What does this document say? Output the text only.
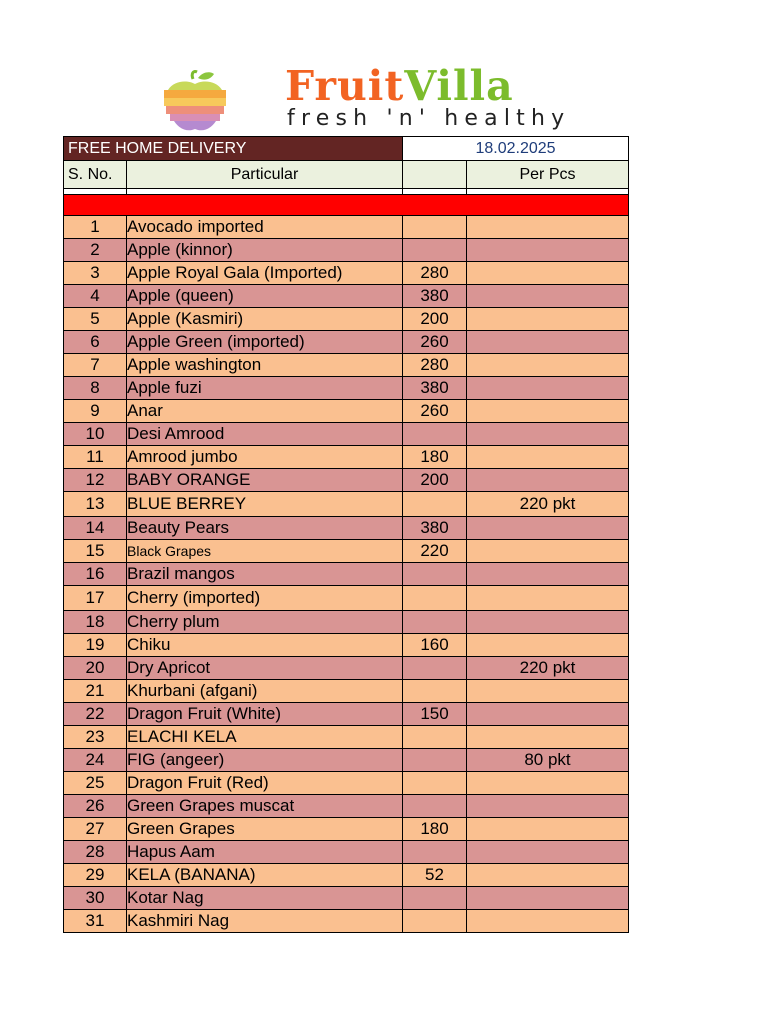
FruitVilla
fresh 'n' healthy
FREE HOME DELIVERY		18.02.2025	
S. No.	Particular		Per Pcs

1	Avocado imported		
2	Apple (kinnor)		
3	Apple Royal Gala (Imported)	280	
4	Apple (queen)	380	
5	Apple (Kasmiri)	200	
6	Apple Green (imported)	260	
7	Apple washington	280	
8	Apple fuzi	380	
9	Anar	260	
10	Desi Amrood		
11	Amrood jumbo	180	
12	BABY ORANGE	200	
13	BLUE BERREY		220 pkt
14	Beauty Pears	380	
15	Black Grapes	220	
16	Brazil mangos		
17	Cherry (imported)		
18	Cherry plum		
19	Chiku	160	
20	Dry Apricot		220 pkt
21	Khurbani (afgani)		
22	Dragon Fruit (White)	150	
23	ELACHI KELA		
24	FIG (angeer)		80 pkt
25	Dragon Fruit (Red)		
26	Green Grapes muscat		
27	Green Grapes	180	
28	Hapus Aam		
29	KELA (BANANA)	52	
30	Kotar Nag		
31	Kashmiri Nag		
